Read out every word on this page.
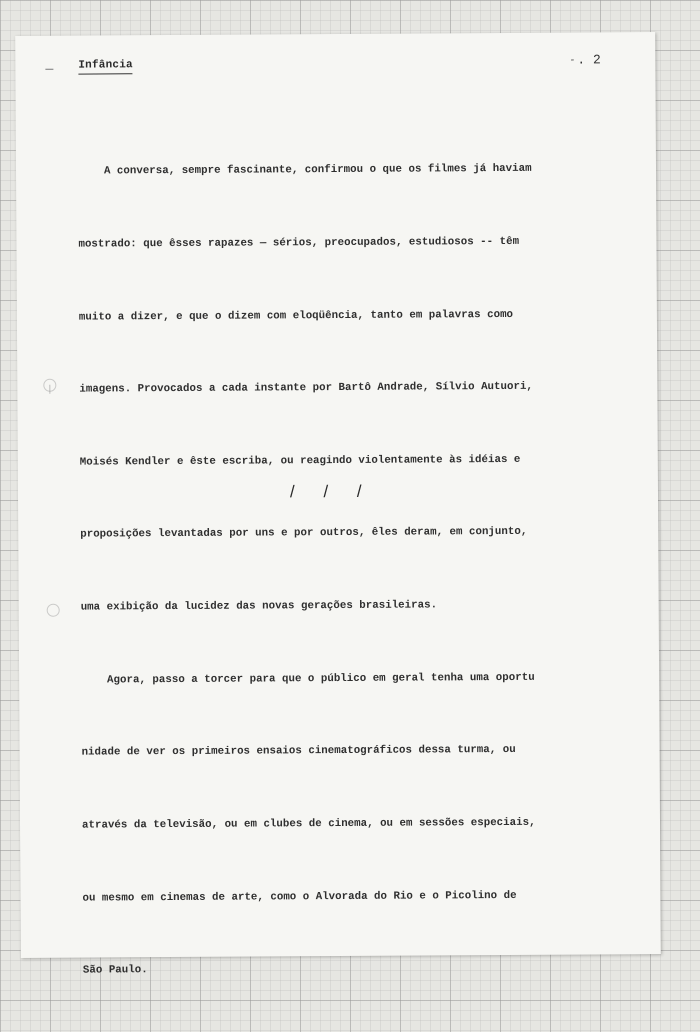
Infância	- . 2

A conversa, sempre fascinante, confirmou o que os filmes já haviam

mostrado: que êsses rapazes — sérios, preocupados, estudiosos -- têm

muito a dizer, e que o dizem com eloqüência, tanto em palavras como

imagens. Provocados a cada instante por Bartô Andrade, Sílvio Autuori,

Moisés Kendler e êste escriba, ou reagindo violentamente às idéias e

proposições levantadas por uns e por outros, êles deram, em conjunto,

uma exibição da lucidez das novas gerações brasileiras.

Agora, passo a torcer para que o público em geral tenha uma oportu

nidade de ver os primeiros ensaios cinematográficos dessa turma, ou

através da televisão, ou em clubes de cinema, ou em sessões especiais,

ou mesmo em cinemas de arte, como o Alvorada do Rio e o Picolino de

São Paulo.

/ / /
